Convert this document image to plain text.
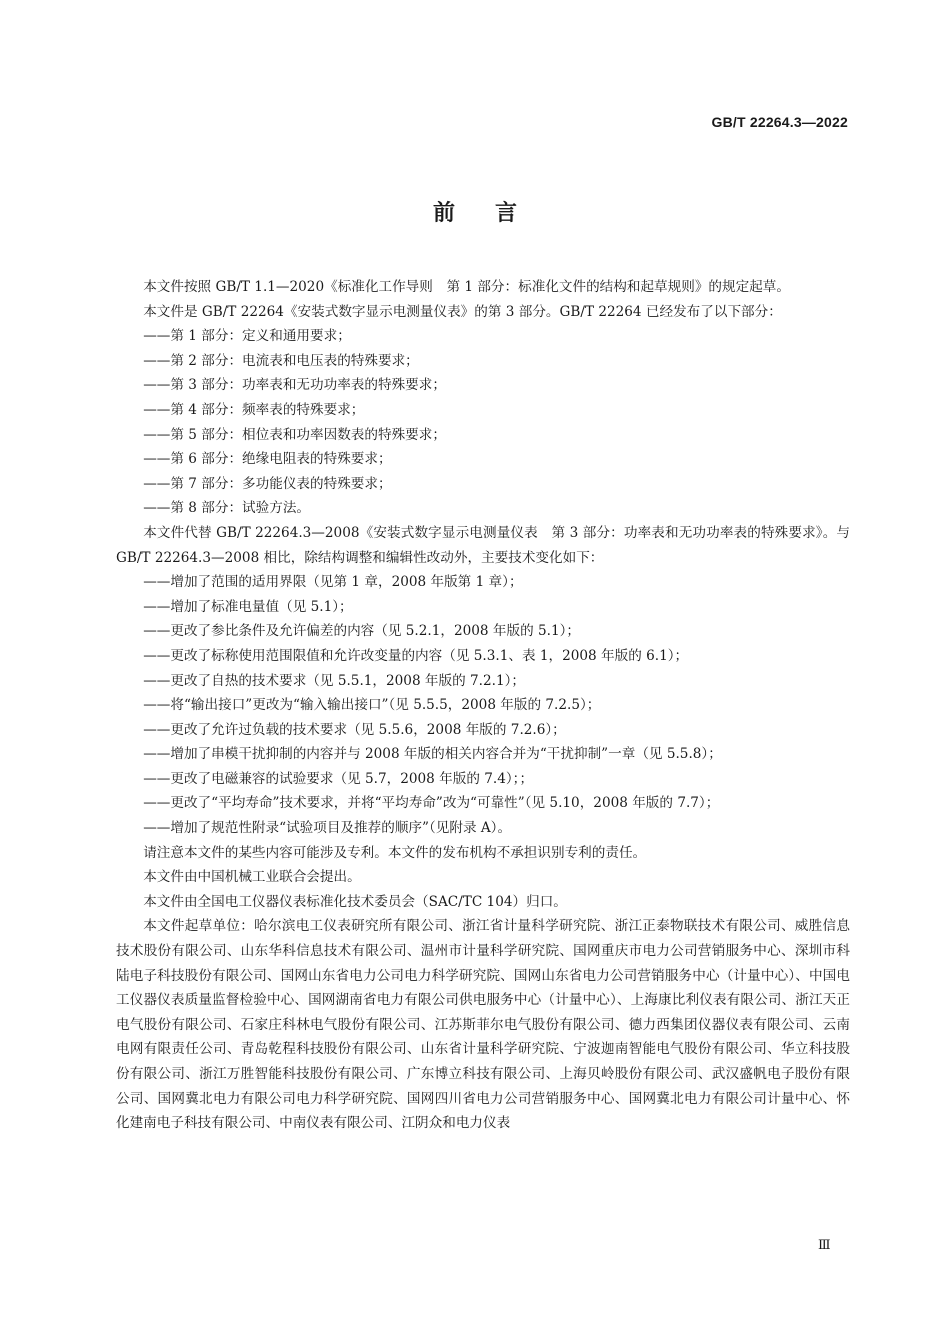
GB/T 22264.3—2022
前言

本文件按照 GB/T 1.1—2020《标准化工作导则　第 1 部分：标准化文件的结构和起草规则》的规定起草。

本文件是 GB/T 22264《安装式数字显示电测量仪表》的第 3 部分。GB/T 22264 已经发布了以下部分：

——第 1 部分：定义和通用要求；

——第 2 部分：电流表和电压表的特殊要求；

——第 3 部分：功率表和无功功率表的特殊要求；

——第 4 部分：频率表的特殊要求；

——第 5 部分：相位表和功率因数表的特殊要求；

——第 6 部分：绝缘电阻表的特殊要求；

——第 7 部分：多功能仪表的特殊要求；

——第 8 部分：试验方法。

本文件代替 GB/T 22264.3—2008《安装式数字显示电测量仪表　第 3 部分：功率表和无功功率表的特殊要求》。与 GB/T 22264.3—2008 相比，除结构调整和编辑性改动外，主要技术变化如下：

——增加了范围的适用界限（见第 1 章，2008 年版第 1 章）；

——增加了标准电量值（见 5.1）；

——更改了参比条件及允许偏差的内容（见 5.2.1，2008 年版的 5.1）；

——更改了标称使用范围限值和允许改变量的内容（见 5.3.1、表 1，2008 年版的 6.1）；

——更改了自热的技术要求（见 5.5.1，2008 年版的 7.2.1）；

——将“输出接口”更改为“输入输出接口”（见 5.5.5，2008 年版的 7.2.5）；

——更改了允许过负载的技术要求（见 5.5.6，2008 年版的 7.2.6）；

——增加了串模干扰抑制的内容并与 2008 年版的相关内容合并为“干扰抑制”一章（见 5.5.8）；

——更改了电磁兼容的试验要求（见 5.7，2008 年版的 7.4）；；

——更改了“平均寿命”技术要求，并将“平均寿命”改为“可靠性”（见 5.10，2008 年版的 7.7）；

——增加了规范性附录“试验项目及推荐的顺序”（见附录 A）。

请注意本文件的某些内容可能涉及专利。本文件的发布机构不承担识别专利的责任。

本文件由中国机械工业联合会提出。

本文件由全国电工仪器仪表标准化技术委员会（SAC/TC 104）归口。

本文件起草单位：哈尔滨电工仪表研究所有限公司、浙江省计量科学研究院、浙江正泰物联技术有限公司、威胜信息技术股份有限公司、山东华科信息技术有限公司、温州市计量科学研究院、国网重庆市电力公司营销服务中心、深圳市科陆电子科技股份有限公司、国网山东省电力公司电力科学研究院、国网山东省电力公司营销服务中心（计量中心）、中国电工仪器仪表质量监督检验中心、国网湖南省电力有限公司供电服务中心（计量中心）、上海康比利仪表有限公司、浙江天正电气股份有限公司、石家庄科林电气股份有限公司、江苏斯菲尔电气股份有限公司、德力西集团仪器仪表有限公司、云南电网有限责任公司、青岛乾程科技股份有限公司、山东省计量科学研究院、宁波迦南智能电气股份有限公司、华立科技股份有限公司、浙江万胜智能科技股份有限公司、广东博立科技有限公司、上海贝岭股份有限公司、武汉盛帆电子股份有限公司、国网冀北电力有限公司电力科学研究院、国网四川省电力公司营销服务中心、国网冀北电力有限公司计量中心、怀化建南电子科技有限公司、中南仪表有限公司、江阴众和电力仪表

Ⅲ
